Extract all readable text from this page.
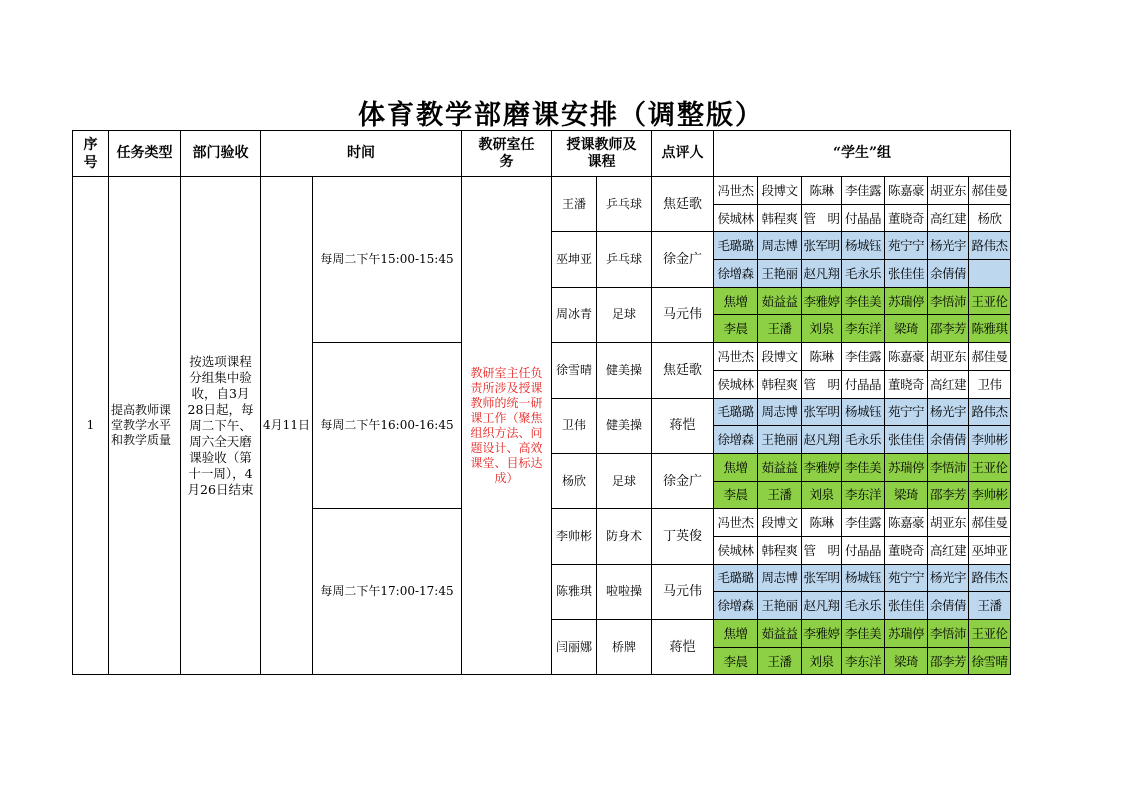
体育教学部磨课安排（调整版）
序号	任务类型	部门验收	时间		教研室任务	授课教师及课程		点评人	“学生”组						
1	提高教师课堂教学水平和教学质量	按选项课程分组集中验收，自3月28日起，每周二下午、周六全天磨课验收（第十一周），4月26日结束	4月11日	每周二下午15:00-15:45	教研室主任负责所涉及授课教师的统一研课工作（聚焦组织方法、问题设计、高效课堂、目标达成）	王潘	乒乓球	焦廷歌	冯世杰	段博文	陈琳	李佳露	陈嘉豪	胡亚东	郝佳曼
									侯城林	韩程爽	管　明	付晶晶	董晓奇	高红建	杨欣
						巫坤亚	乒乓球	徐金广	毛璐璐	周志博	张军明	杨城钰	苑宁宁	杨光宇	路伟杰
									徐增森	王艳丽	赵凡翔	毛永乐	张佳佳	余倩倩	
						周冰青	足球	马元伟	焦增	茹益益	李雅婷	李佳美	苏瑞停	李悟沛	王亚伦
									李晨	王潘	刘泉	李东洋	梁琦	邵李芳	陈雅琪
				每周二下午16:00-16:45		徐雪晴	健美操	焦廷歌	冯世杰	段博文	陈琳	李佳露	陈嘉豪	胡亚东	郝佳曼
									侯城林	韩程爽	管　明	付晶晶	董晓奇	高红建	卫伟
						卫伟	健美操	蒋恺	毛璐璐	周志博	张军明	杨城钰	苑宁宁	杨光宇	路伟杰
									徐增森	王艳丽	赵凡翔	毛永乐	张佳佳	余倩倩	李帅彬
						杨欣	足球	徐金广	焦增	茹益益	李雅婷	李佳美	苏瑞停	李悟沛	王亚伦
									李晨	王潘	刘泉	李东洋	梁琦	邵李芳	李帅彬
				每周二下午17:00-17:45		李帅彬	防身术	丁英俊	冯世杰	段博文	陈琳	李佳露	陈嘉豪	胡亚东	郝佳曼
									侯城林	韩程爽	管　明	付晶晶	董晓奇	高红建	巫坤亚
						陈雅琪	啦啦操	马元伟	毛璐璐	周志博	张军明	杨城钰	苑宁宁	杨光宇	路伟杰
									徐增森	王艳丽	赵凡翔	毛永乐	张佳佳	余倩倩	王潘
						闫丽娜	桥牌	蒋恺	焦增	茹益益	李雅婷	李佳美	苏瑞停	李悟沛	王亚伦
									李晨	王潘	刘泉	李东洋	梁琦	邵李芳	徐雪晴
